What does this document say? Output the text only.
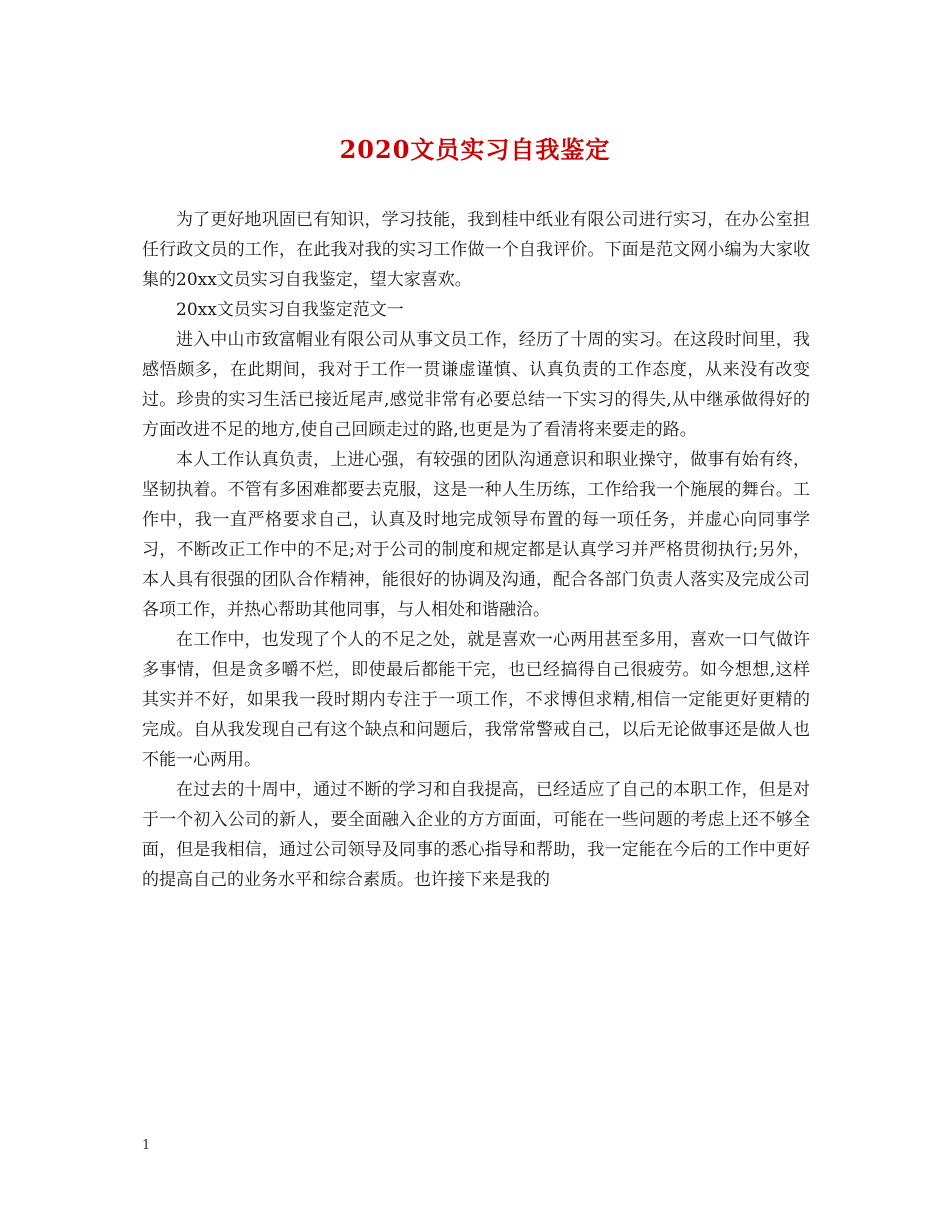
2020文员实习自我鉴定

为了更好地巩固已有知识，学习技能，我到桂中纸业有限公司进行实习，在办公室担任行政文员的工作，在此我对我的实习工作做一个自我评价。下面是范文网小编为大家收集的20xx文员实习自我鉴定，望大家喜欢。

20xx文员实习自我鉴定范文一

进入中山市致富帽业有限公司从事文员工作，经历了十周的实习。在这段时间里，我感悟颇多，在此期间，我对于工作一贯谦虚谨慎、认真负责的工作态度，从来没有改变过。珍贵的实习生活已接近尾声,感觉非常有必要总结一下实习的得失,从中继承做得好的方面改进不足的地方,使自己回顾走过的路,也更是为了看清将来要走的路。

本人工作认真负责，上进心强，有较强的团队沟通意识和职业操守，做事有始有终，坚韧执着。不管有多困难都要去克服，这是一种人生历练，工作给我一个施展的舞台。工作中，我一直严格要求自己，认真及时地完成领导布置的每一项任务，并虚心向同事学习，不断改正工作中的不足;对于公司的制度和规定都是认真学习并严格贯彻执行;另外，本人具有很强的团队合作精神，能很好的协调及沟通，配合各部门负责人落实及完成公司各项工作，并热心帮助其他同事，与人相处和谐融洽。

在工作中，也发现了个人的不足之处，就是喜欢一心两用甚至多用，喜欢一口气做许多事情，但是贪多嚼不烂，即使最后都能干完，也已经搞得自己很疲劳。如今想想,这样其实并不好，如果我一段时期内专注于一项工作，不求博但求精,相信一定能更好更精的完成。自从我发现自己有这个缺点和问题后，我常常警戒自己，以后无论做事还是做人也不能一心两用。

在过去的十周中，通过不断的学习和自我提高，已经适应了自己的本职工作，但是对于一个初入公司的新人，要全面融入企业的方方面面，可能在一些问题的考虑上还不够全面，但是我相信，通过公司领导及同事的悉心指导和帮助，我一定能在今后的工作中更好的提高自己的业务水平和综合素质。也许接下来是我的

1
